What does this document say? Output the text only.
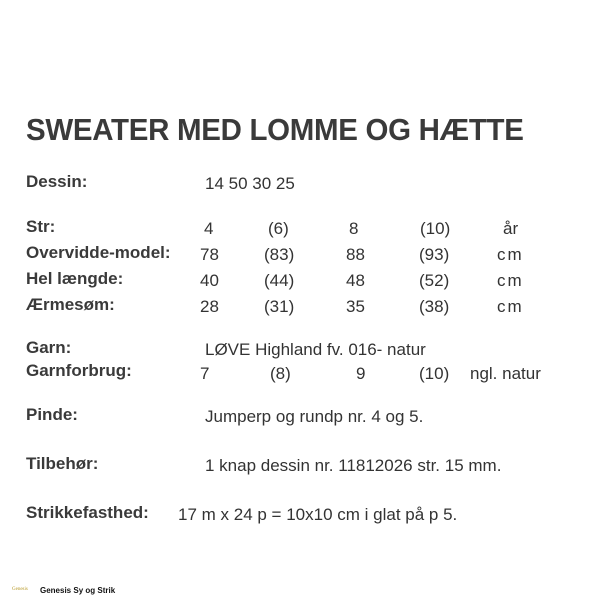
SWEATER MED LOMME OG HÆTTE
Dessin:	14 50 30 25
Str:	4	(6)	8	(10)	år
Overvidde-model: 78	(83)	88	(93)	cm
Hel længde:	40	(44)	48	(52)	cm
Ærmesøm:	28	(31)	35	(38)	cm
Garn:	LØVE Highland fv. 016- natur
Garnforbrug:	7	(8)	9	(10) ngl. natur
Pinde:	Jumperp og rundp nr. 4 og 5.
Tilbehør:	1 knap dessin nr. 11812026 str. 15 mm.
Strikkefasthed: 17 m x 24 p = 10x10 cm i glat på p 5.
Genesis Genesis Sy og Strik
